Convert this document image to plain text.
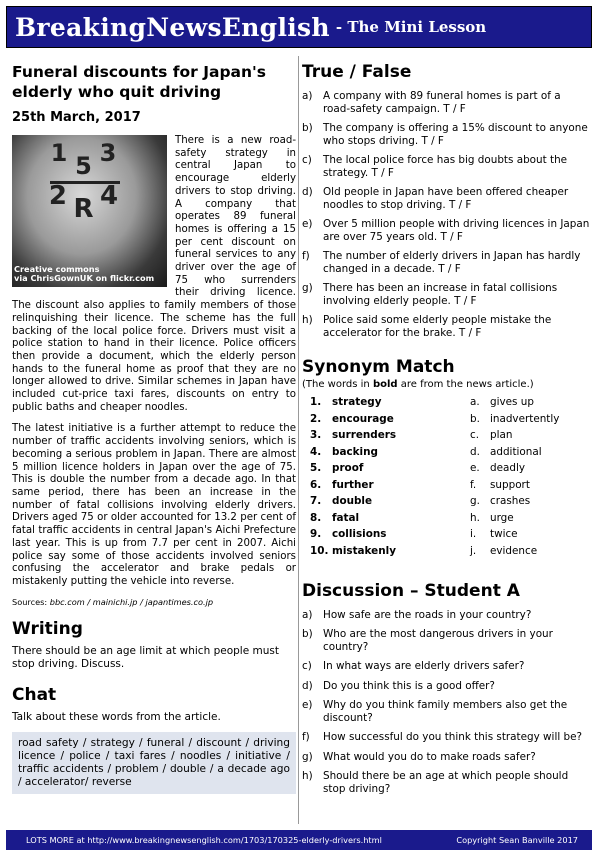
BreakingNewsEnglish - The Mini Lesson
Funeral discounts for Japan's elderly who quit driving
25th March, 2017
1 3 5
2 4 R
Creative commons
via ChrisGownUK on flickr.com

There is a new road-safety strategy in central Japan to encourage elderly drivers to stop driving. A company that operates 89 funeral homes is offering a 15 per cent discount on funeral services to any driver over the age of 75 who surrenders their driving licence. The discount also applies to family members of those relinquishing their licence. The scheme has the full backing of the local police force. Drivers must visit a police station to hand in their licence. Police officers then provide a document, which the elderly person hands to the funeral home as proof that they are no longer allowed to drive. Similar schemes in Japan have included cut-price taxi fares, discounts on entry to public baths and cheaper noodles.

The latest initiative is a further attempt to reduce the number of traffic accidents involving seniors, which is becoming a serious problem in Japan. There are almost 5 million licence holders in Japan over the age of 75. This is double the number from a decade ago. In that same period, there has been an increase in the number of fatal collisions involving elderly drivers. Drivers aged 75 or older accounted for 13.2 per cent of fatal traffic accidents in central Japan's Aichi Prefecture last year. This is up from 7.7 per cent in 2007. Aichi police say some of those accidents involved seniors confusing the accelerator and brake pedals or mistakenly putting the vehicle into reverse.

Sources: bbc.com / mainichi.jp / japantimes.co.jp
Writing
There should be an age limit at which people must stop driving. Discuss.
Chat
Talk about these words from the article.
road safety / strategy / funeral / discount / driving licence / police / taxi fares / noodles / initiative / traffic accidents / problem / double / a decade ago / accelerator/ reverse
True / False
a)	A company with 89 funeral homes is part of a road-safety campaign. T / F
b) The company is offering a 15% discount to anyone who stops driving. T / F
c)	The local police force has big doubts about the strategy. T / F
d) Old people in Japan have been offered cheaper noodles to stop driving. T / F
e)	Over 5 million people with driving licences in Japan are over 75 years old. T / F
f)	The number of elderly drivers in Japan has hardly changed in a decade. T / F
g) There has been an increase in fatal collisions involving elderly people. T / F
h) Police said some elderly people mistake the accelerator for the brake. T / F
Synonym Match
(The words in bold are from the news article.)
1. strategy	a. gives up
2. encourage	b. inadvertently
3. surrenders	c. plan
4. backing	d. additional
5. proof	e. deadly
6. further	f. support
7. double	g. crashes
8. fatal	h. urge
9. collisions	i. twice
10. mistakenly	j. evidence
Discussion – Student A
a)	How safe are the roads in your country?
b) Who are the most dangerous drivers in your country?
c)	In what ways are elderly drivers safer?
d) Do you think this is a good offer?
e)	Why do you think family members also get the discount?
f)	How successful do you think this strategy will be?
g) What would you do to make roads safer?
h) Should there be an age at which people should stop driving?
LOTS MORE at http://www.breakingnewsenglish.com/1703/170325-elderly-drivers.html	Copyright Sean Banville 2017
